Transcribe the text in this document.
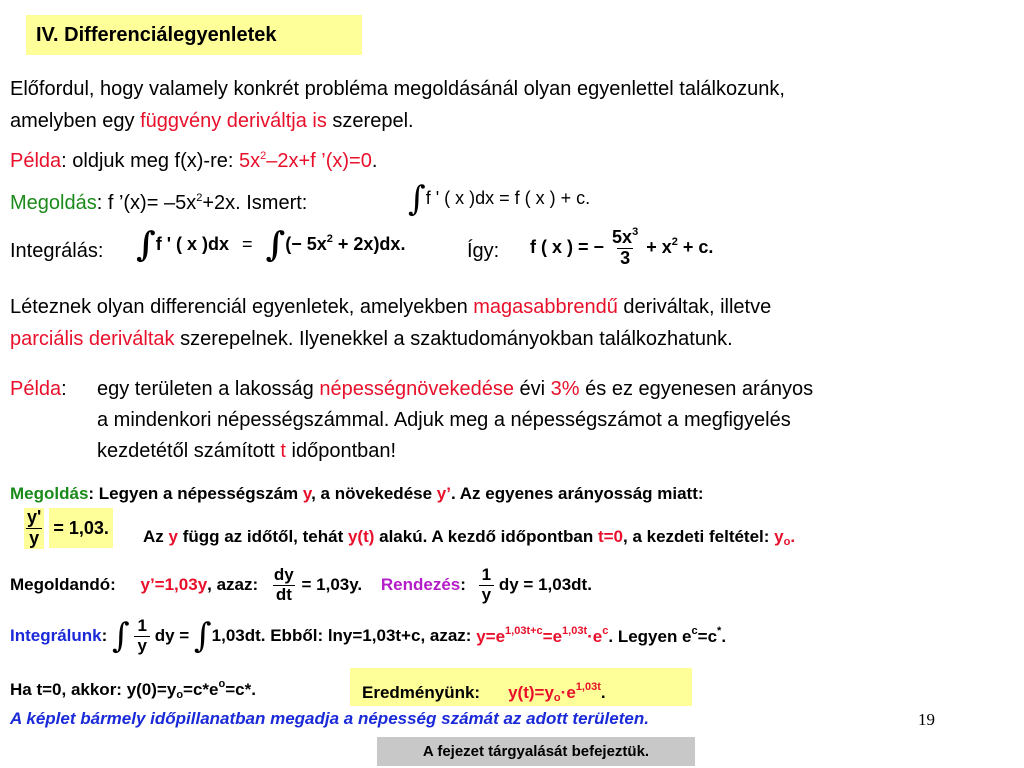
IV. Differenciálegyenletek
Előfordul, hogy valamely konkrét probléma megoldásánál olyan egyenlettel találkozunk,
amelyben egy függvény deriváltja is szerepel.
Példa: oldjuk meg f(x)-re: $5x^2-2x+f$ ’(x)=0.
Megoldás: f ’(x)= $-5x^2+2x$. Ismert:	∫f ' ( x )dx = f ( x ) + c.
Integrálás: ∫f ' ( x )dx = ∫(− $5x^2 + 2x)dx$.	Így: f ( x ) = − $\frac{5x^3}{3} + x^2 + c$.
Léteznek olyan differenciál egyenletek, amelyekben magasabbrendű deriváltak, illetve
parciális deriváltak szerepelnek. Ilyenekkel a szaktudományokban találkozhatunk.
Példa: egy területen a lakosság népességnövekedése évi 3% és ez egyenesen arányos
a mindenkori népességszámmal. Adjuk meg a népességszámot a megfigyelés
kezdetétől számított t időpontban!
Megoldás: Legyen a népességszám y, a növekedése y’. Az egyenes arányosság miatt:
$\frac{y'}{y} = 1,03$. Az y függ az időtől, tehát y(t) alakú. A kezdő időpontban t=0, a kezdeti feltétel: $y_o$.
Megoldandó: y’=1,03y, azaz: $\frac{dy}{dt} = 1,03y$. Rendezés: $\frac{1}{y}$ dy = 1,03dt.
Integrálunk: ∫ $\frac{1}{y}$ dy = ∫1,03dt. Ebből: lny=1,03t+c, azaz: $y=e^{1,03t+c}=e^{1,03t}\cdot e^c$. Legyen $e^c=c^*$.
Ha t=0, akkor: $y(0)=y_o=c*e^o=c*$.	Eredményünk: $y(t)=y_o\cdot e^{1,03t}$.
A képlet bármely időpillanatban megadja a népesség számát az adott területen.	19
A fejezet tárgyalását befejeztük.
